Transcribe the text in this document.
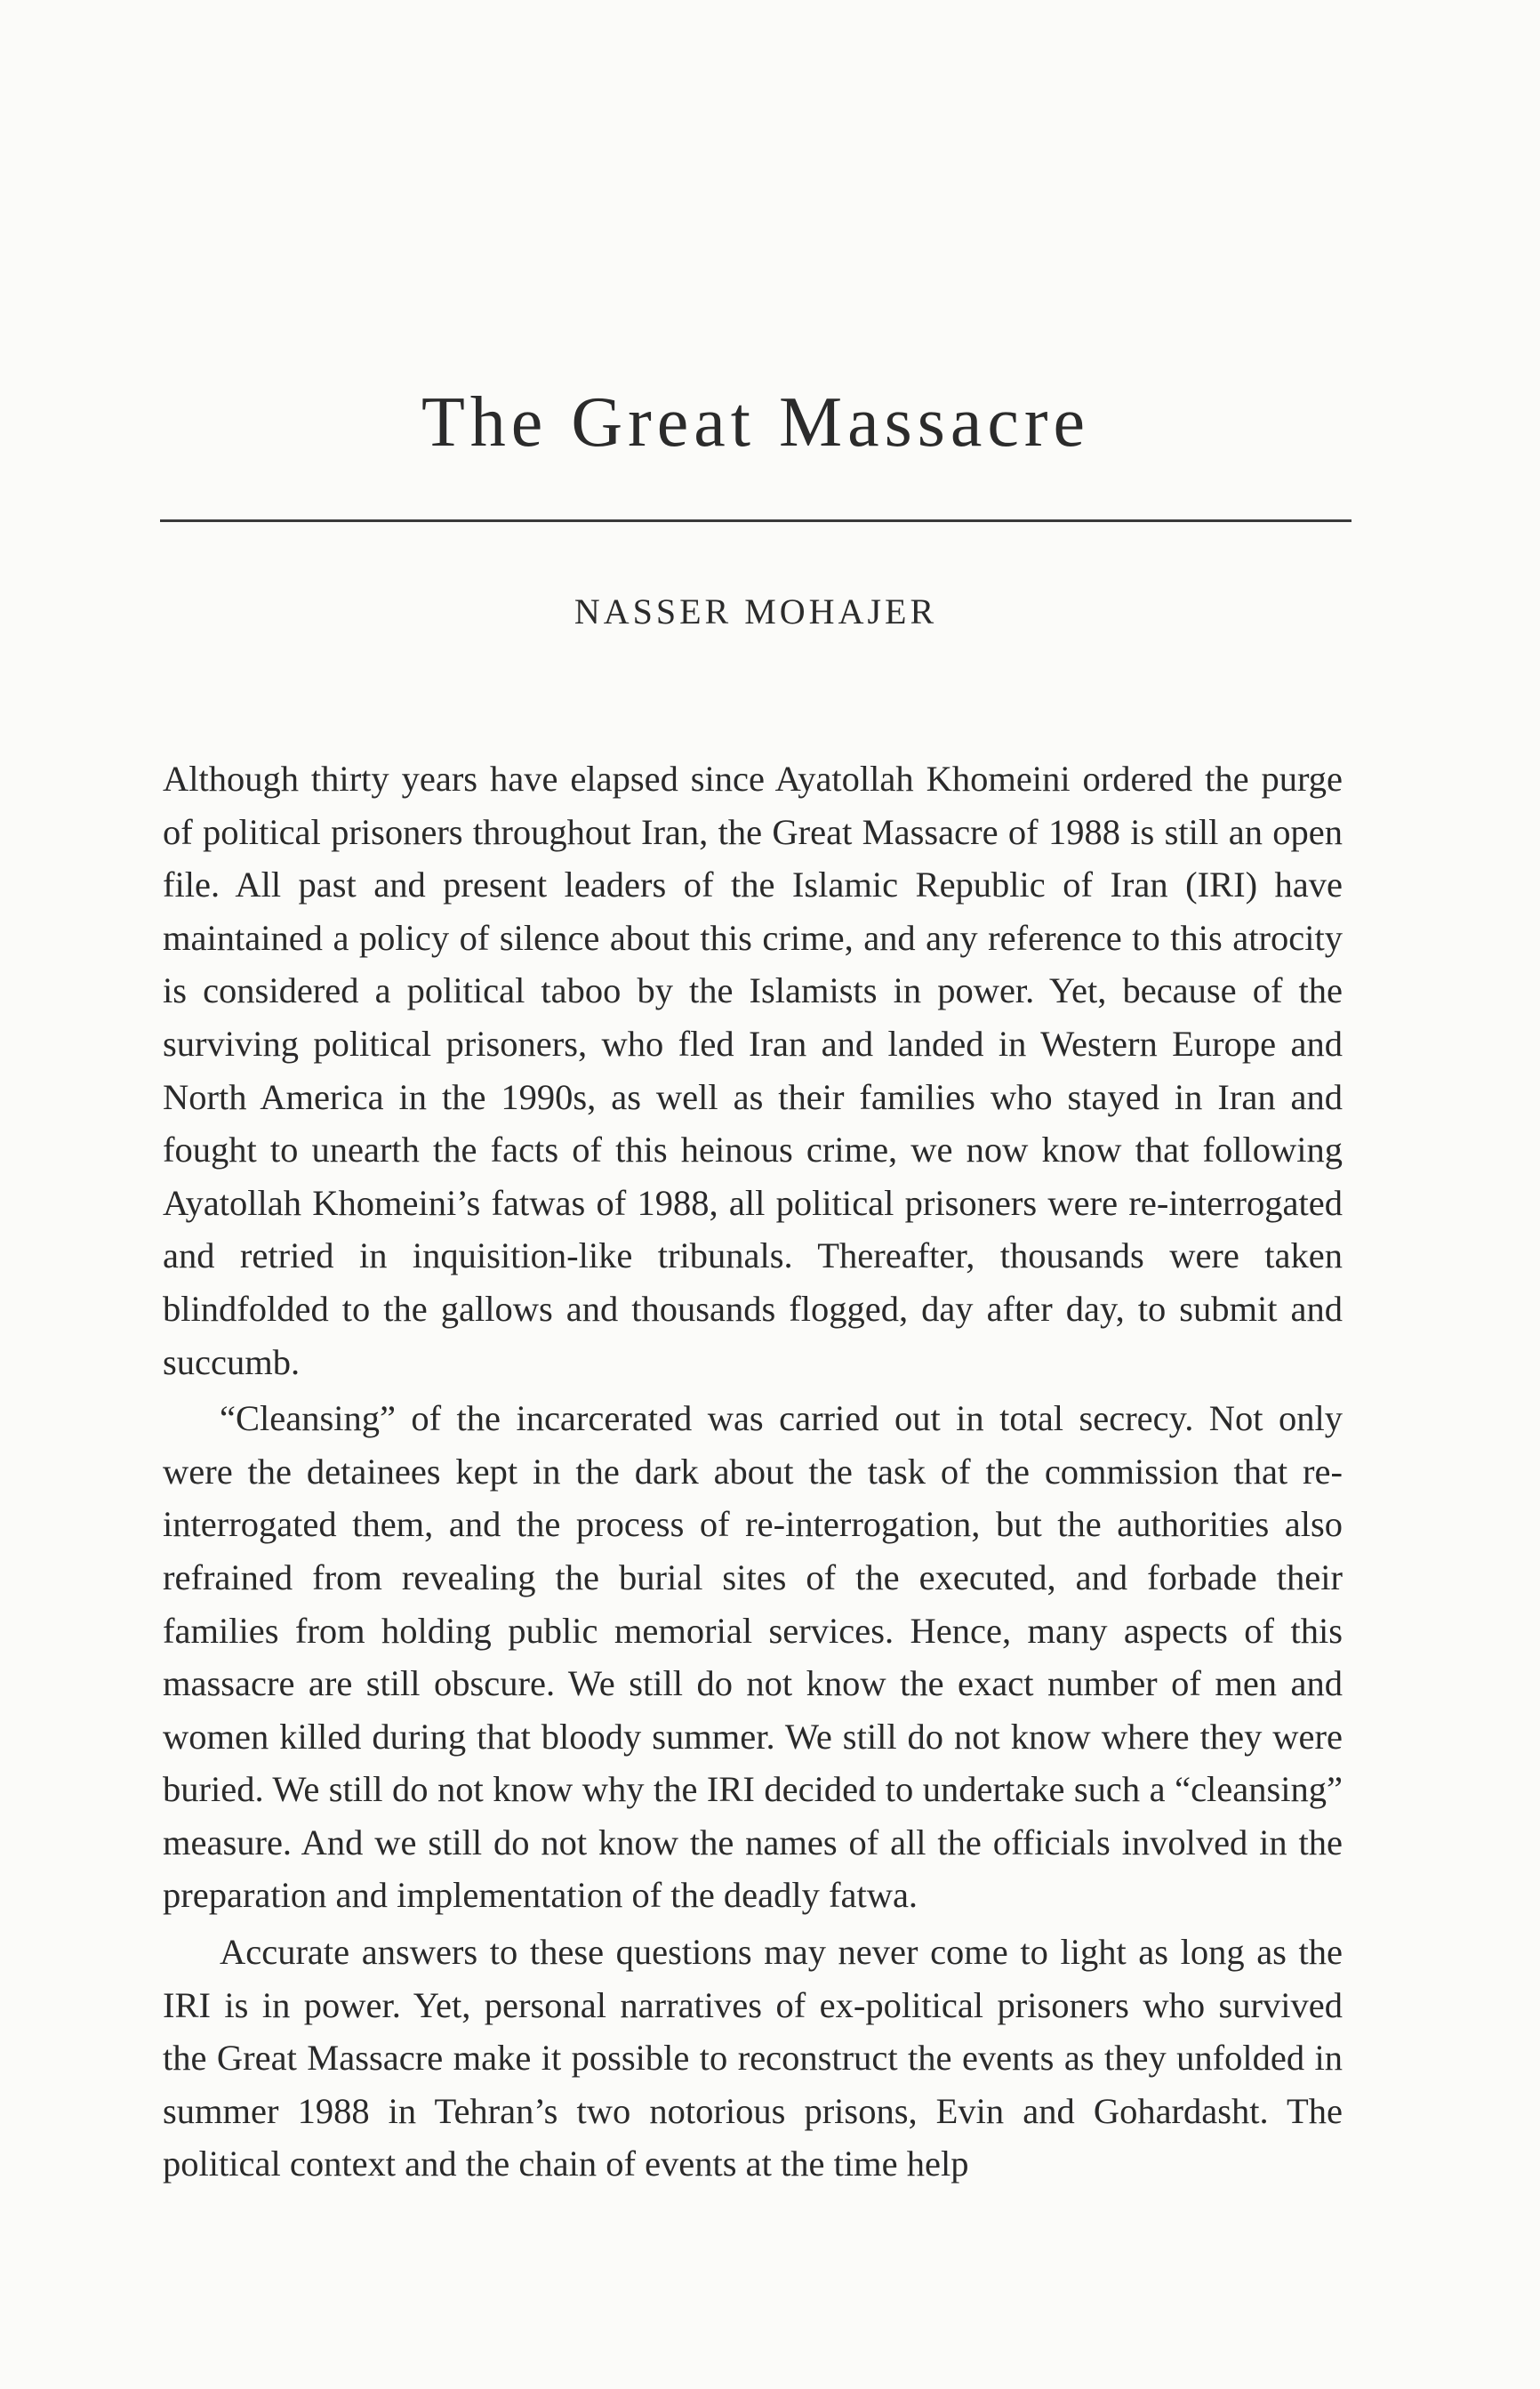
The Great Massacre
NASSER MOHAJER

Although thirty years have elapsed since Ayatollah Khomeini ordered the purge of political prisoners throughout Iran, the Great Massacre of 1988 is still an open file. All past and present leaders of the Islamic Republic of Iran (IRI) have maintained a policy of silence about this crime, and any reference to this atrocity is considered a political taboo by the Islamists in power. Yet, because of the surviving political prisoners, who fled Iran and landed in Western Europe and North America in the 1990s, as well as their families who stayed in Iran and fought to unearth the facts of this heinous crime, we now know that following Ayatollah Khomeini’s fatwas of 1988, all political prisoners were re-interrogated and retried in inquisition-like tribunals. Thereafter, thousands were taken blindfolded to the gallows and thousands flogged, day after day, to submit and succumb.

“Cleansing” of the incarcerated was carried out in total secrecy. Not only were the detainees kept in the dark about the task of the commission that re-interrogated them, and the process of re-interrogation, but the authorities also refrained from revealing the burial sites of the executed, and forbade their families from holding public memorial services. Hence, many aspects of this massacre are still obscure. We still do not know the exact number of men and women killed during that bloody summer. We still do not know where they were buried. We still do not know why the IRI decided to undertake such a “cleansing” measure. And we still do not know the names of all the officials involved in the preparation and implementation of the deadly fatwa.

Accurate answers to these questions may never come to light as long as the IRI is in power. Yet, personal narratives of ex-political prisoners who survived the Great Massacre make it possible to reconstruct the events as they unfolded in summer 1988 in Tehran’s two notorious prisons, Evin and Gohardasht. The political context and the chain of events at the time help
